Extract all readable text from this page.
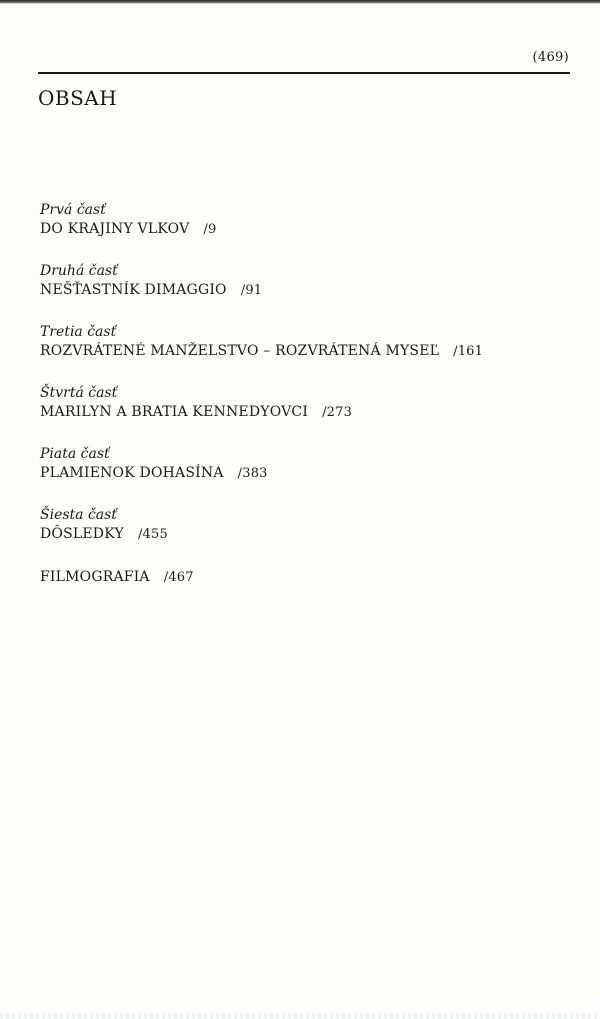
(469)
OBSAH
Prvá časť
DO KRAJINY VLKOV /9
Druhá časť
NEŠŤASTNÍK DIMAGGIO /91
Tretia časť
ROZVRÁTENÉ MANŽELSTVO – ROZVRÁTENÁ MYSEĽ /161
Štvrtá časť
MARILYN A BRATIA KENNEDYOVCI /273
Piata časť
PLAMIENOK DOHASÍNA /383
Šiesta časť
DÔSLEDKY /455
FILMOGRAFIA /467
